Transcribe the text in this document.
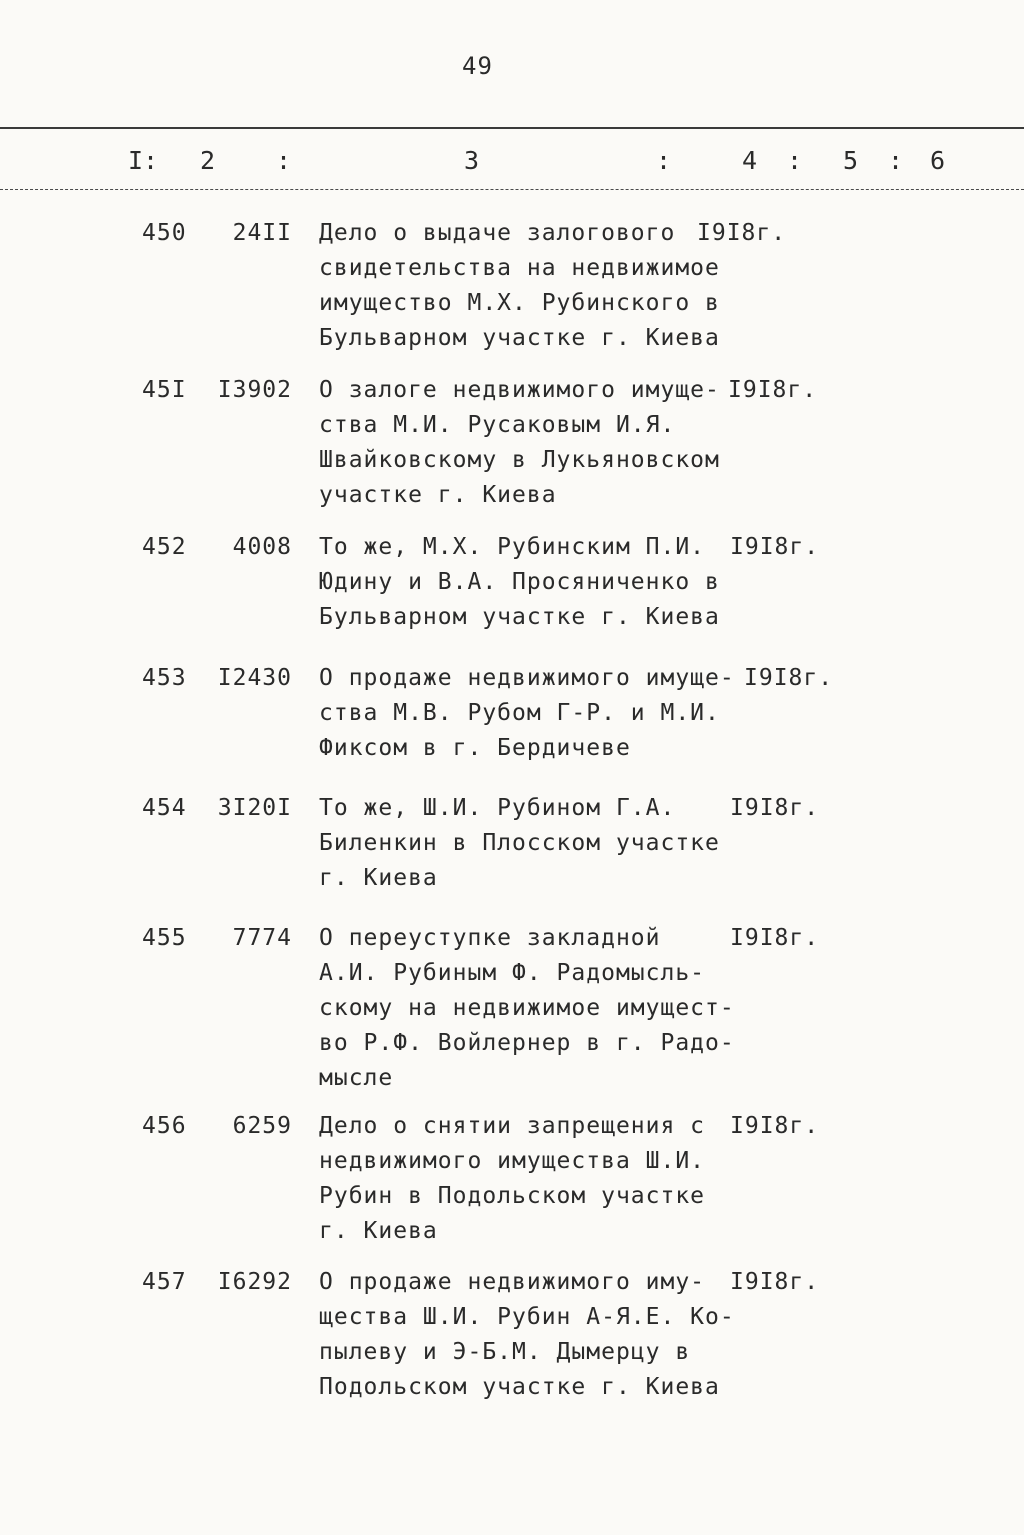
49
I: 2 :	3	:	4 : 5 : 6
450	24II Дело о выдаче залогового
свидетельства на недвижимое
имущество М.Х. Рубинского в
Бульварном участке г. Киева
I9I8г.
45I	I3902 О залоге недвижимого имуще-
ства М.И. Русаковым И.Я.
Швайковскому в Лукьяновском
участке г. Киева
I9I8г.
452	4008 То же, М.Х. Рубинским П.И.
Юдину и В.А. Просяниченко в
Бульварном участке г. Киева
I9I8г.
453	I2430 О продаже недвижимого имуще-
ства М.В. Рубом Г-Р. и М.И.
Фиксом в г. Бердичеве
I9I8г.
454	3I20I То же, Ш.И. Рубином Г.А.
Биленкин в Плосском участке
г. Киева
I9I8г.
455	7774 О переуступке закладной
А.И. Рубиным Ф. Радомысль-
скому на недвижимое имущест-
во Р.Ф. Войлернер в г. Радо-
мысле
I9I8г.
456	6259 Дело о снятии запрещения с
недвижимого имущества Ш.И.
Рубин в Подольском участке
г. Киева
I9I8г.
457	I6292 О продаже недвижимого иму-
щества Ш.И. Рубин А-Я.Е. Ко-
пылеву и Э-Б.М. Дымерцу в
Подольском участке г. Киева
I9I8г.
